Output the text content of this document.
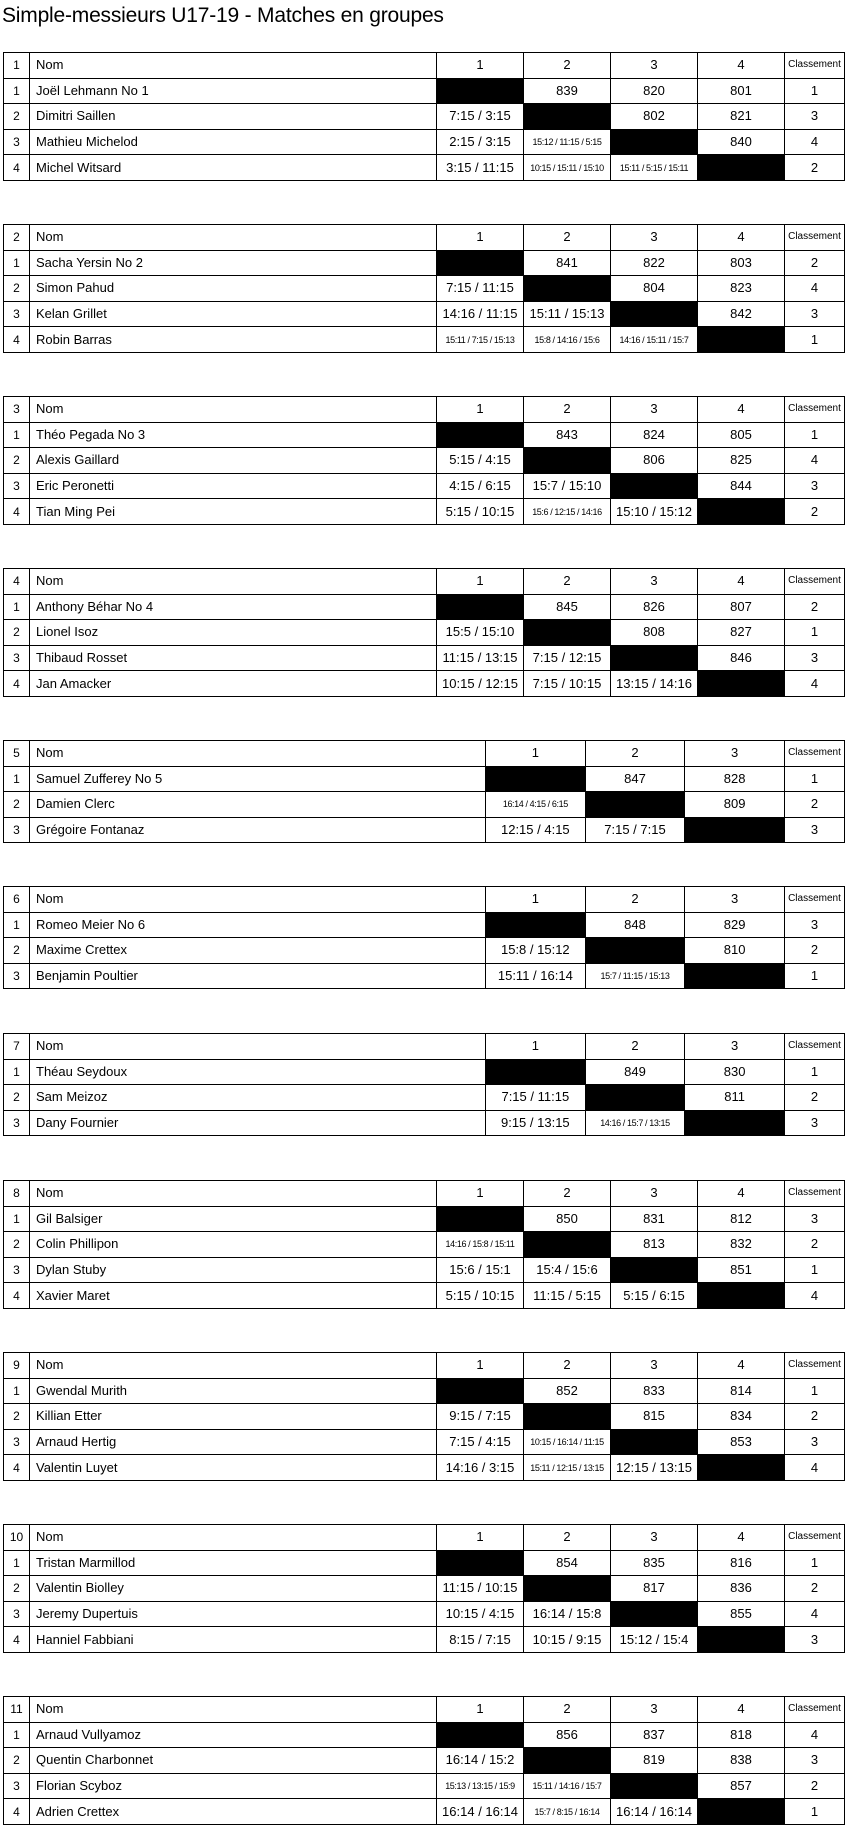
Simple-messieurs U17-19 - Matches en groupes
1	Nom	1	2	3	4	Classement
1	Joël Lehmann No 1		839	820	801	1
2	Dimitri Saillen	7:15 / 3:15		802	821	3
3	Mathieu Michelod	2:15 / 3:15	15:12 / 11:15 / 5:15		840	4
4	Michel Witsard	3:15 / 11:15	10:15 / 15:11 / 15:10	15:11 / 5:15 / 15:11		2
2	Nom	1	2	3	4	Classement
1	Sacha Yersin No 2		841	822	803	2
2	Simon Pahud	7:15 / 11:15		804	823	4
3	Kelan Grillet	14:16 / 11:15	15:11 / 15:13		842	3
4	Robin Barras	15:11 / 7:15 / 15:13	15:8 / 14:16 / 15:6	14:16 / 15:11 / 15:7		1
3	Nom	1	2	3	4	Classement
1	Théo Pegada No 3		843	824	805	1
2	Alexis Gaillard	5:15 / 4:15		806	825	4
3	Eric Peronetti	4:15 / 6:15	15:7 / 15:10		844	3
4	Tian Ming Pei	5:15 / 10:15	15:6 / 12:15 / 14:16	15:10 / 15:12		2
4	Nom	1	2	3	4	Classement
1	Anthony Béhar No 4		845	826	807	2
2	Lionel Isoz	15:5 / 15:10		808	827	1
3	Thibaud Rosset	11:15 / 13:15	7:15 / 12:15		846	3
4	Jan Amacker	10:15 / 12:15	7:15 / 10:15	13:15 / 14:16		4
5	Nom	1	2	3	Classement
1	Samuel Zufferey No 5		847	828	1
2	Damien Clerc	16:14 / 4:15 / 6:15		809	2
3	Grégoire Fontanaz	12:15 / 4:15	7:15 / 7:15		3
6	Nom	1	2	3	Classement
1	Romeo Meier No 6		848	829	3
2	Maxime Crettex	15:8 / 15:12		810	2
3	Benjamin Poultier	15:11 / 16:14	15:7 / 11:15 / 15:13		1
7	Nom	1	2	3	Classement
1	Théau Seydoux		849	830	1
2	Sam Meizoz	7:15 / 11:15		811	2
3	Dany Fournier	9:15 / 13:15	14:16 / 15:7 / 13:15		3
8	Nom	1	2	3	4	Classement
1	Gil Balsiger		850	831	812	3
2	Colin Phillipon	14:16 / 15:8 / 15:11		813	832	2
3	Dylan Stuby	15:6 / 15:1	15:4 / 15:6		851	1
4	Xavier Maret	5:15 / 10:15	11:15 / 5:15	5:15 / 6:15		4
9	Nom	1	2	3	4	Classement
1	Gwendal Murith		852	833	814	1
2	Killian Etter	9:15 / 7:15		815	834	2
3	Arnaud Hertig	7:15 / 4:15	10:15 / 16:14 / 11:15		853	3
4	Valentin Luyet	14:16 / 3:15	15:11 / 12:15 / 13:15	12:15 / 13:15		4
10	Nom	1	2	3	4	Classement
1	Tristan Marmillod		854	835	816	1
2	Valentin Biolley	11:15 / 10:15		817	836	2
3	Jeremy Dupertuis	10:15 / 4:15	16:14 / 15:8		855	4
4	Hanniel Fabbiani	8:15 / 7:15	10:15 / 9:15	15:12 / 15:4		3
11	Nom	1	2	3	4	Classement
1	Arnaud Vullyamoz		856	837	818	4
2	Quentin Charbonnet	16:14 / 15:2		819	838	3
3	Florian Scyboz	15:13 / 13:15 / 15:9	15:11 / 14:16 / 15:7		857	2
4	Adrien Crettex	16:14 / 16:14	15:7 / 8:15 / 16:14	16:14 / 16:14		1
